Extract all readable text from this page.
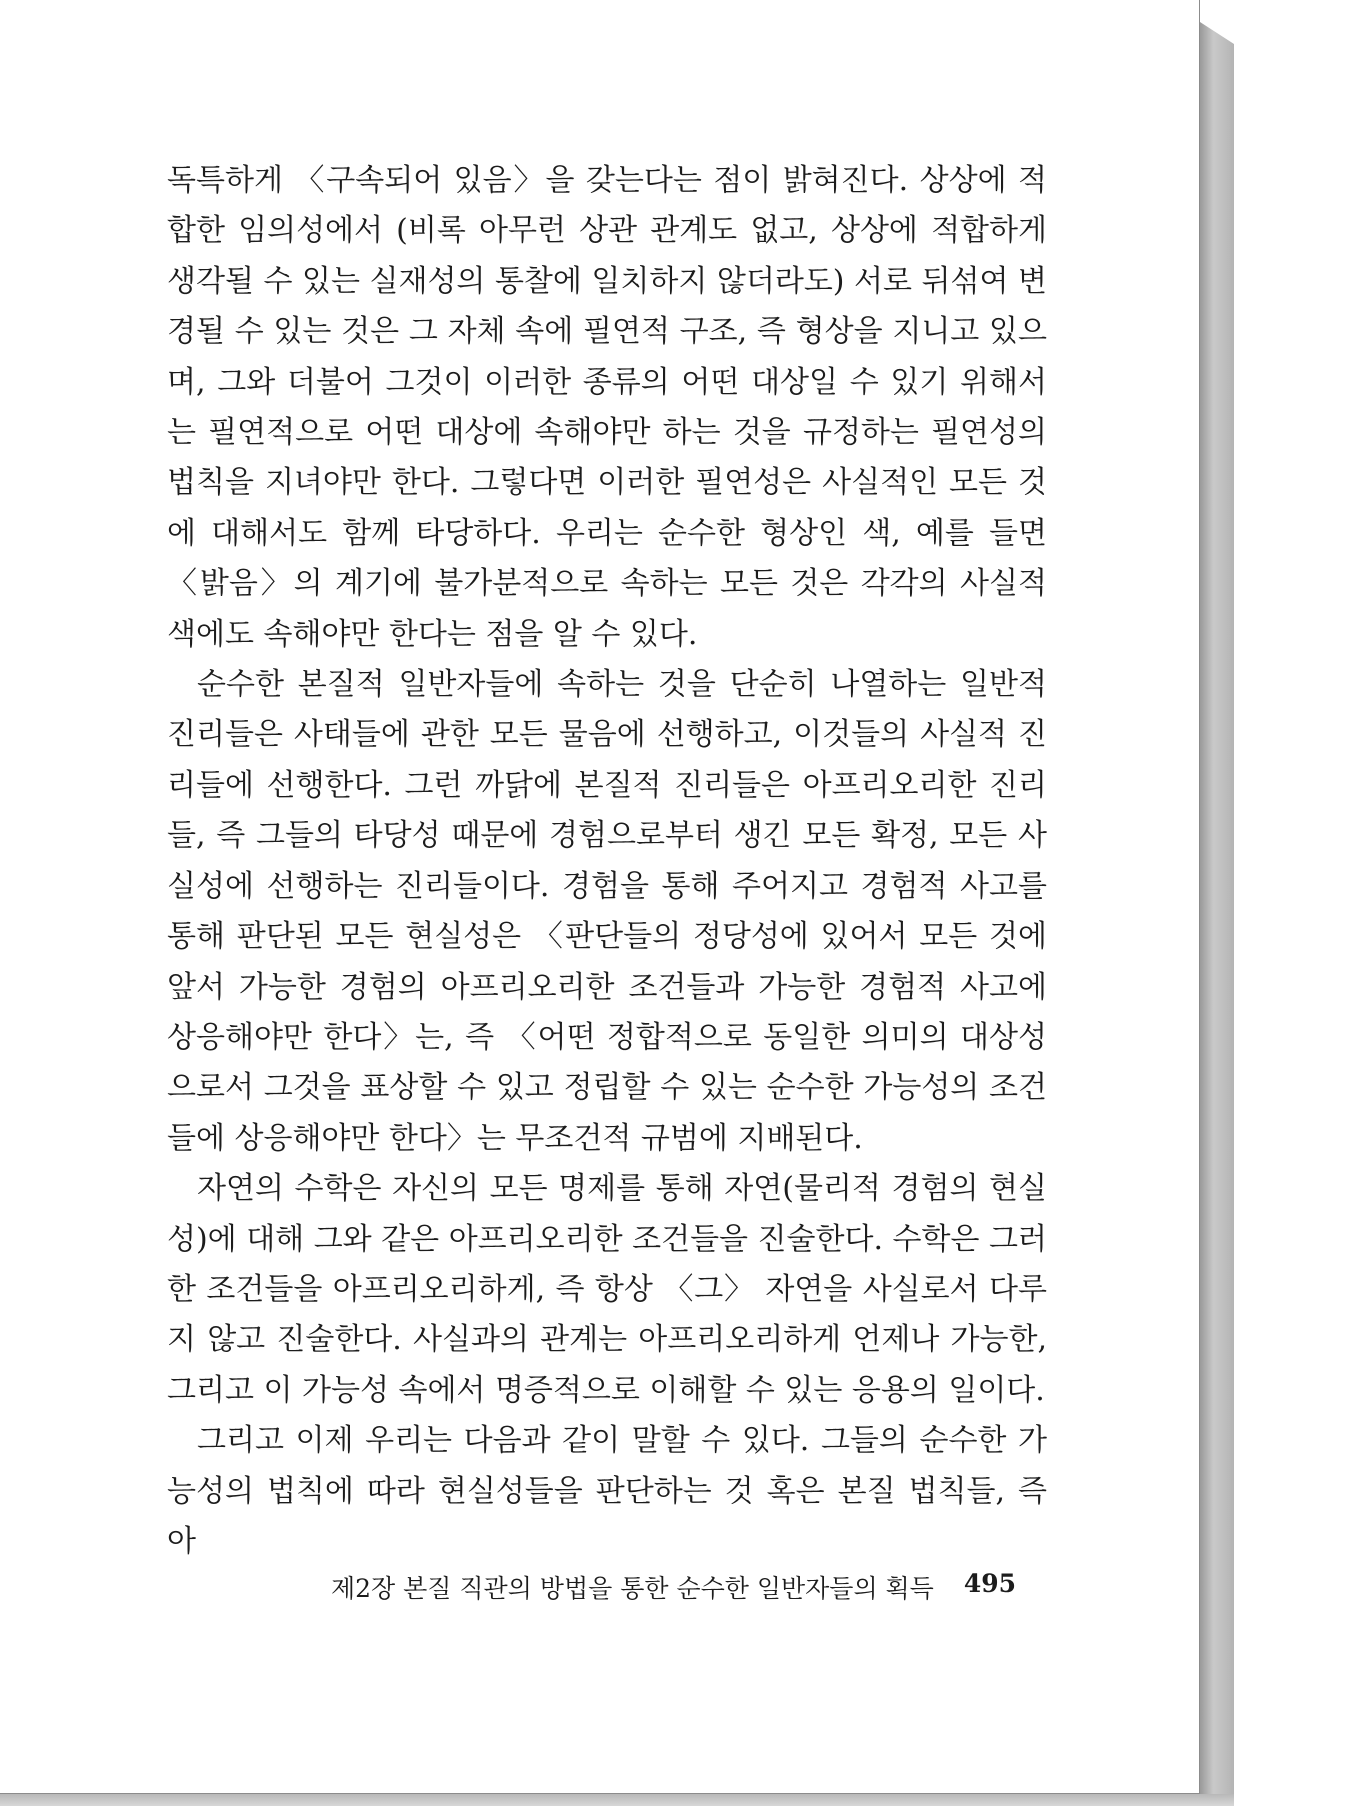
독특하게 〈구속되어 있음〉을 갖는다는 점이 밝혀진다. 상상에 적합한 임의성에서 (비록 아무런 상관 관계도 없고, 상상에 적합하게 생각될 수 있는 실재성의 통찰에 일치하지 않더라도) 서로 뒤섞여 변경될 수 있는 것은 그 자체 속에 필연적 구조, 즉 형상을 지니고 있으며, 그와 더불어 그것이 이러한 종류의 어떤 대상일 수 있기 위해서는 필연적으로 어떤 대상에 속해야만 하는 것을 규정하는 필연성의 법칙을 지녀야만 한다. 그렇다면 이러한 필연성은 사실적인 모든 것에 대해서도 함께 타당하다. 우리는 순수한 형상인 색, 예를 들면 〈밝음〉의 계기에 불가분적으로 속하는 모든 것은 각각의 사실적 색에도 속해야만 한다는 점을 알 수 있다.

순수한 본질적 일반자들에 속하는 것을 단순히 나열하는 일반적 진리들은 사태들에 관한 모든 물음에 선행하고, 이것들의 사실적 진리들에 선행한다. 그런 까닭에 본질적 진리들은 아프리오리한 진리들, 즉 그들의 타당성 때문에 경험으로부터 생긴 모든 확정, 모든 사실성에 선행하는 진리들이다. 경험을 통해 주어지고 경험적 사고를 통해 판단된 모든 현실성은 〈판단들의 정당성에 있어서 모든 것에 앞서 가능한 경험의 아프리오리한 조건들과 가능한 경험적 사고에 상응해야만 한다〉는, 즉 〈어떤 정합적으로 동일한 의미의 대상성으로서 그것을 표상할 수 있고 정립할 수 있는 순수한 가능성의 조건들에 상응해야만 한다〉는 무조건적 규범에 지배된다.

자연의 수학은 자신의 모든 명제를 통해 자연(물리적 경험의 현실성)에 대해 그와 같은 아프리오리한 조건들을 진술한다. 수학은 그러한 조건들을 아프리오리하게, 즉 항상 〈그〉 자연을 사실로서 다루지 않고 진술한다. 사실과의 관계는 아프리오리하게 언제나 가능한, 그리고 이 가능성 속에서 명증적으로 이해할 수 있는 응용의 일이다.

그리고 이제 우리는 다음과 같이 말할 수 있다. 그들의 순수한 가능성의 법칙에 따라 현실성들을 판단하는 것 혹은 본질 법칙들, 즉 아

제2장 본질 직관의 방법을 통한 순수한 일반자들의 획득 495
